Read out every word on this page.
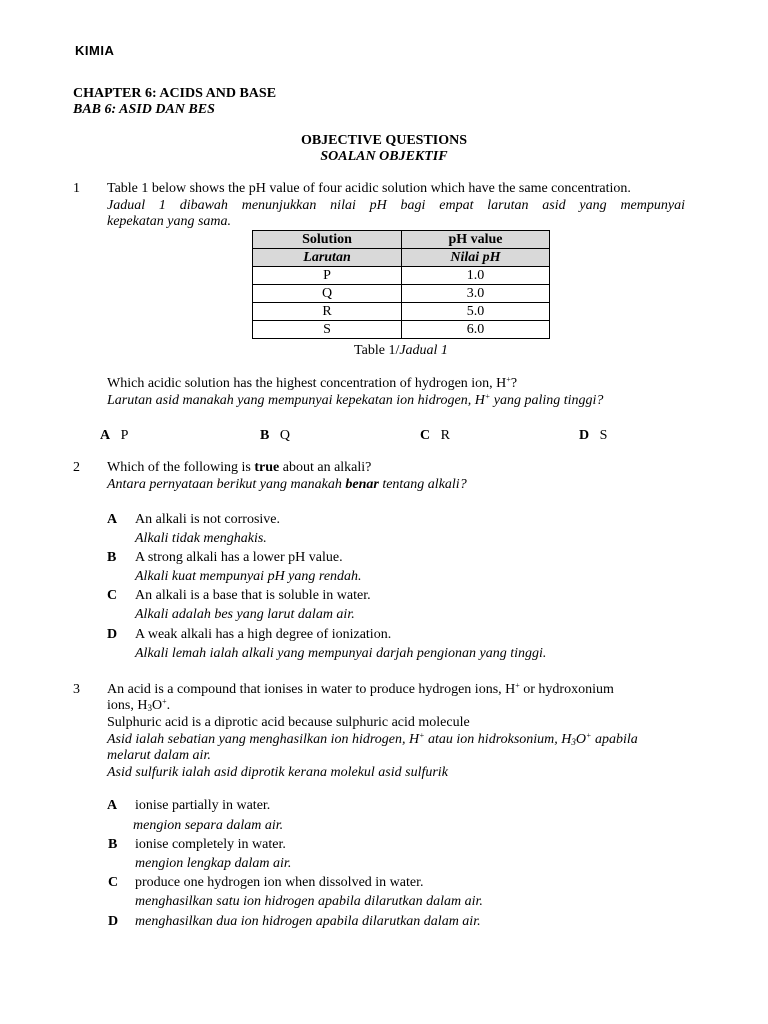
KIMIA
CHAPTER 6: ACIDS AND BASE
BAB 6: ASID DAN BES
OBJECTIVE QUESTIONS
SOALAN OBJEKTIF
1 Table 1 below shows the pH value of four acidic solution which have the same concentration.
Jadual 1 dibawah menunjukkan nilai pH bagi empat larutan asid yang mempunyai
kepekatan yang sama.
Solution	pH value
Larutan	Nilai pH
P	1.0
Q	3.0
R	5.0
S	6.0
Table 1/Jadual 1
Which acidic solution has the highest concentration of hydrogen ion, H+?
Larutan asid manakah yang mempunyai kepekatan ion hidrogen, H+ yang paling tinggi?
A P	B Q	C R	D S
2 Which of the following is true about an alkali?
Antara pernyataan berikut yang manakah benar tentang alkali?
A An alkali is not corrosive.
Alkali tidak menghakis.
B A strong alkali has a lower pH value.
Alkali kuat mempunyai pH yang rendah.
C An alkali is a base that is soluble in water.
Alkali adalah bes yang larut dalam air.
D A weak alkali has a high degree of ionization.
Alkali lemah ialah alkali yang mempunyai darjah pengionan yang tinggi.
3 An acid is a compound that ionises in water to produce hydrogen ions, H+ or hydroxonium
ions, $H_3O^+$.
Sulphuric acid is a diprotic acid because sulphuric acid molecule
Asid ialah sebatian yang menghasilkan ion hidrogen, H+ atau ion hidroksonium, $H_3O^+$ apabila
melarut dalam air.
Asid sulfurik ialah asid diprotik kerana molekul asid sulfurik
A ionise partially in water.
mengion separa dalam air.
B ionise completely in water.
mengion lengkap dalam air.
C produce one hydrogen ion when dissolved in water.
menghasilkan satu ion hidrogen apabila dilarutkan dalam air.
D menghasilkan dua ion hidrogen apabila dilarutkan dalam air.
